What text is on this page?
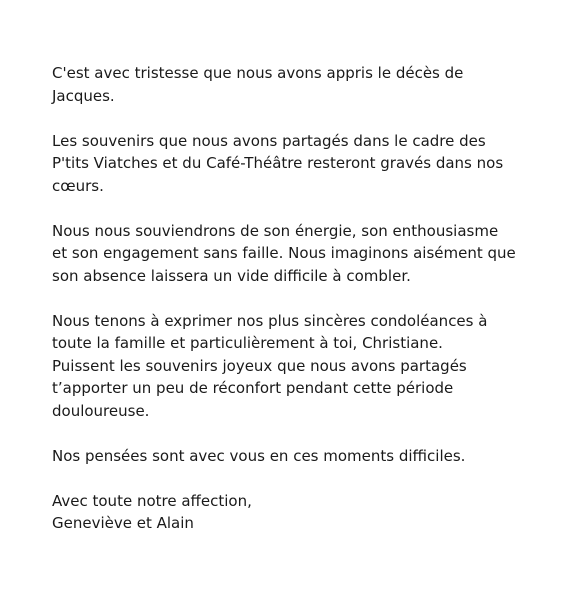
C'est avec tristesse que nous avons appris le décès de
Jacques.

Les souvenirs que nous avons partagés dans le cadre des
P'tits Viatches et du Café-Théâtre resteront gravés dans nos
cœurs.

Nous nous souviendrons de son énergie, son enthousiasme
et son engagement sans faille. Nous imaginons aisément que
son absence laissera un vide difficile à combler.

Nous tenons à exprimer nos plus sincères condoléances à
toute la famille et particulièrement à toi, Christiane.
Puissent les souvenirs joyeux que nous avons partagés
t’apporter un peu de réconfort pendant cette période
douloureuse.

Nos pensées sont avec vous en ces moments difficiles.

Avec toute notre affection,
Geneviève et Alain
